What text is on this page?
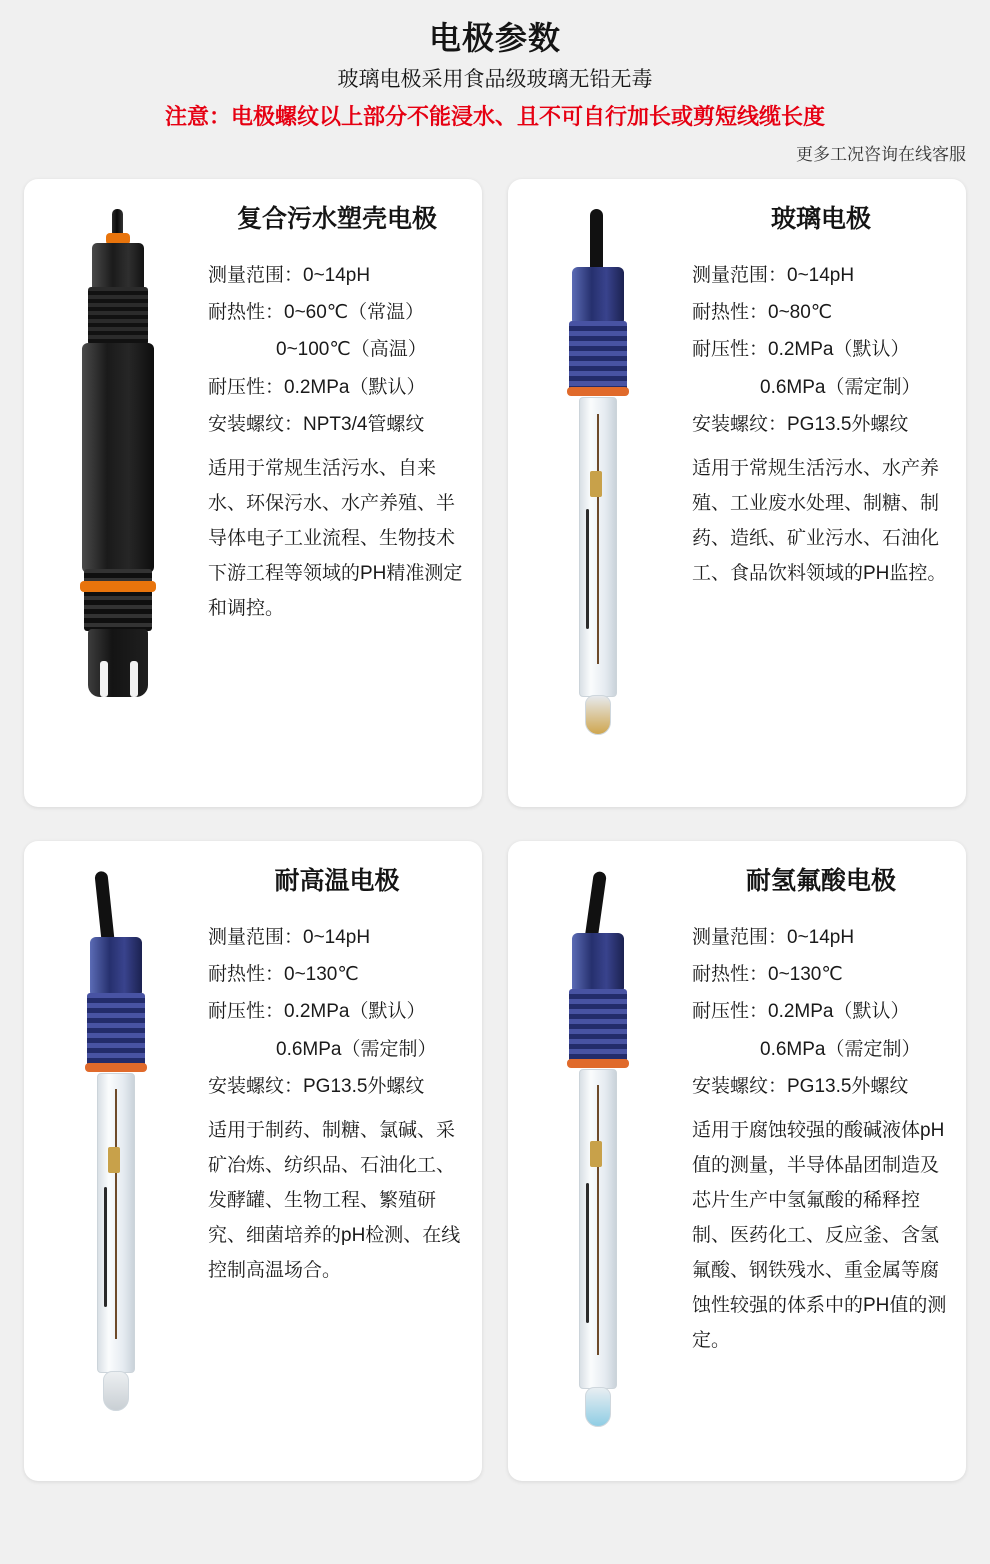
电极参数
玻璃电极采用食品级玻璃无铅无毒
注意：电极螺纹以上部分不能浸水、且不可自行加长或剪短线缆长度
更多工况咨询在线客服
复合污水塑壳电极
测量范围：0~14pH
耐热性：0~60℃（常温）
0~100℃（高温）
耐压性：0.2MPa（默认）
安装螺纹：NPT3/4管螺纹
适用于常规生活污水、自来水、环保污水、水产养殖、半导体电子工业流程、生物技术下游工程等领域的PH精准测定和调控。
玻璃电极
测量范围：0~14pH
耐热性：0~80℃
耐压性：0.2MPa（默认）
0.6MPa（需定制）
安装螺纹：PG13.5外螺纹
适用于常规生活污水、水产养殖、工业废水处理、制糖、制药、造纸、矿业污水、石油化工、食品饮料领域的PH监控。
耐高温电极
测量范围：0~14pH
耐热性：0~130℃
耐压性：0.2MPa（默认）
0.6MPa（需定制）
安装螺纹：PG13.5外螺纹
适用于制药、制糖、氯碱、采矿冶炼、纺织品、石油化工、发酵罐、生物工程、繁殖研究、细菌培养的pH检测、在线控制高温场合。
耐氢氟酸电极
测量范围：0~14pH
耐热性：0~130℃
耐压性：0.2MPa（默认）
0.6MPa（需定制）
安装螺纹：PG13.5外螺纹
适用于腐蚀较强的酸碱液体pH值的测量，半导体晶团制造及芯片生产中氢氟酸的稀释控制、医药化工、反应釜、含氢氟酸、钢铁残水、重金属等腐蚀性较强的体系中的PH值的测定。
